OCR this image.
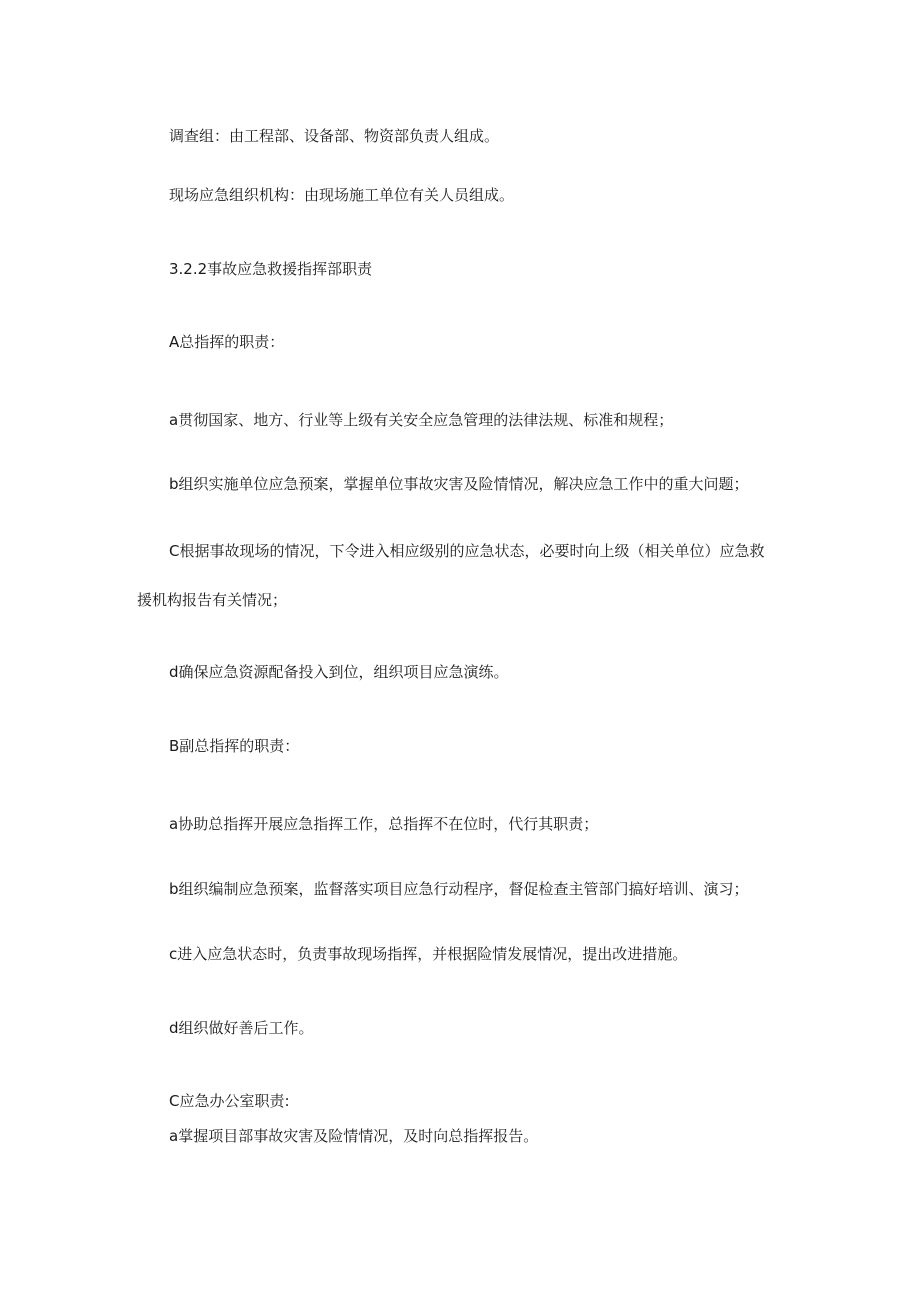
调查组：由工程部、设备部、物资部负责人组成。

现场应急组织机构：由现场施工单位有关人员组成。

3.2.2事故应急救援指挥部职责

A总指挥的职责：

a贯彻国家、地方、行业等上级有关安全应急管理的法律法规、标准和规程；

b组织实施单位应急预案，掌握单位事故灾害及险情情况，解决应急工作中的重大问题；

C根据事故现场的情况，下令进入相应级别的应急状态，必要时向上级（相关单位）应急救

援机构报告有关情况；

d确保应急资源配备投入到位，组织项目应急演练。

B副总指挥的职责：

a协助总指挥开展应急指挥工作，总指挥不在位时，代行其职责；

b组织编制应急预案，监督落实项目应急行动程序，督促检查主管部门搞好培训、演习；

c进入应急状态时，负责事故现场指挥，并根据险情发展情况，提出改进措施。

d组织做好善后工作。

C应急办公室职责:

a掌握项目部事故灾害及险情情况，及时向总指挥报告。
